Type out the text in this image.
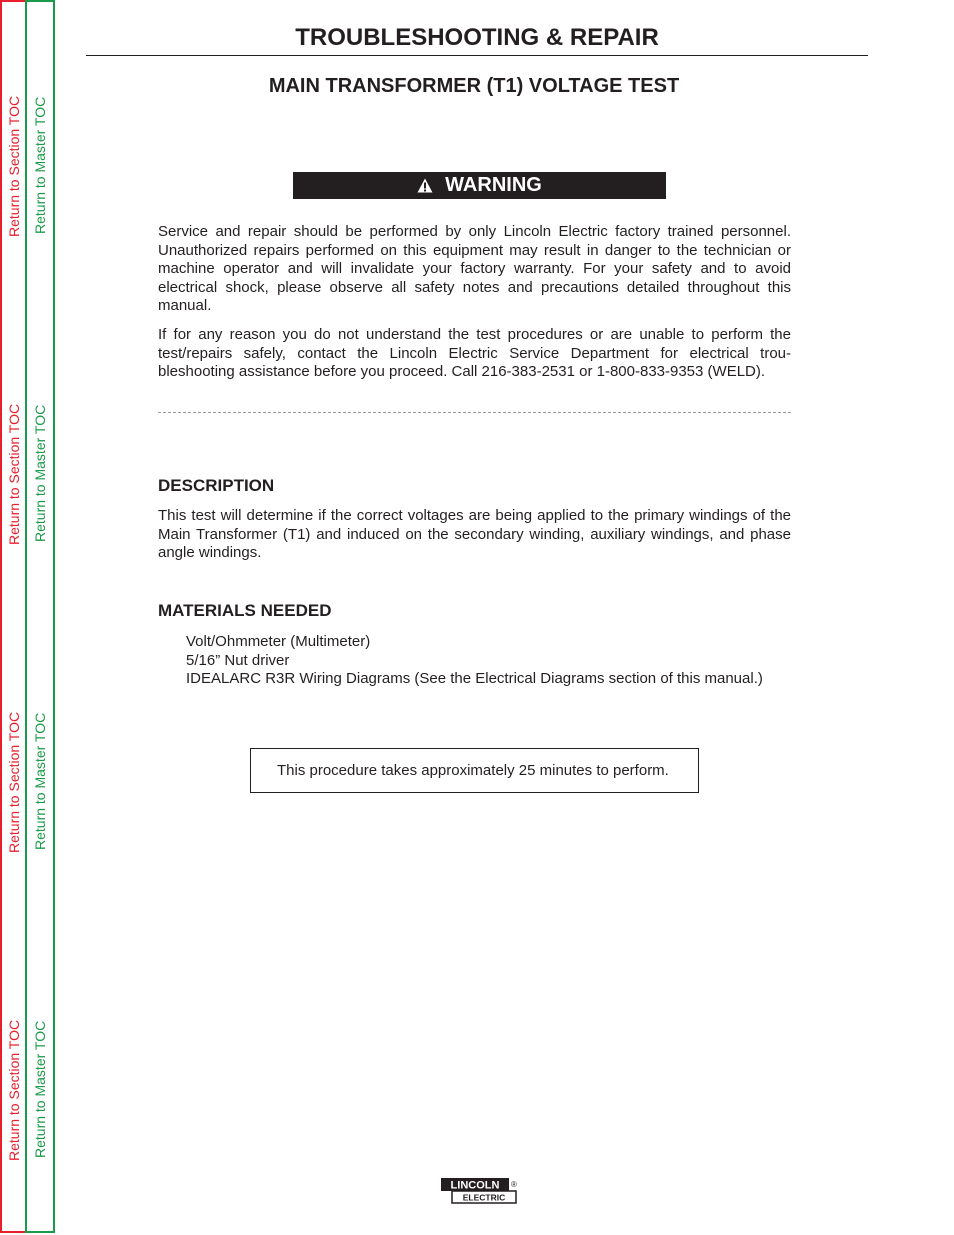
Return to Section TOC Return to Master TOC
Return to Section TOC Return to Master TOC
Return to Section TOC Return to Master TOC
Return to Section TOC Return to Master TOC
TROUBLESHOOTING & REPAIR
MAIN TRANSFORMER (T1) VOLTAGE TEST
WARNING

Service and repair should be performed by only Lincoln Electric factory trained personnel. Unauthorized repairs performed on this equipment may result in danger to the technician or machine operator and will invalidate your factory warranty. For your safety and to avoid electrical shock, please observe all safety notes and precautions detailed throughout this manual.

If for any reason you do not understand the test procedures or are unable to perform the test/repairs safely, contact the Lincoln Electric Service Department for electrical trou-bleshooting assistance before you proceed. Call 216-383-2531 or 1-800-833-9353 (WELD).

DESCRIPTION

This test will determine if the correct voltages are being applied to the primary windings of the Main Transformer (T1) and induced on the secondary winding, auxiliary windings, and phase angle windings.

MATERIALS NEEDED
Volt/Ohmmeter (Multimeter)
5/16” Nut driver
IDEALARC R3R Wiring Diagrams (See the Electrical Diagrams section of this manual.)
This procedure takes approximately 25 minutes to perform.
LINCOLN
ELECTRIC
®
